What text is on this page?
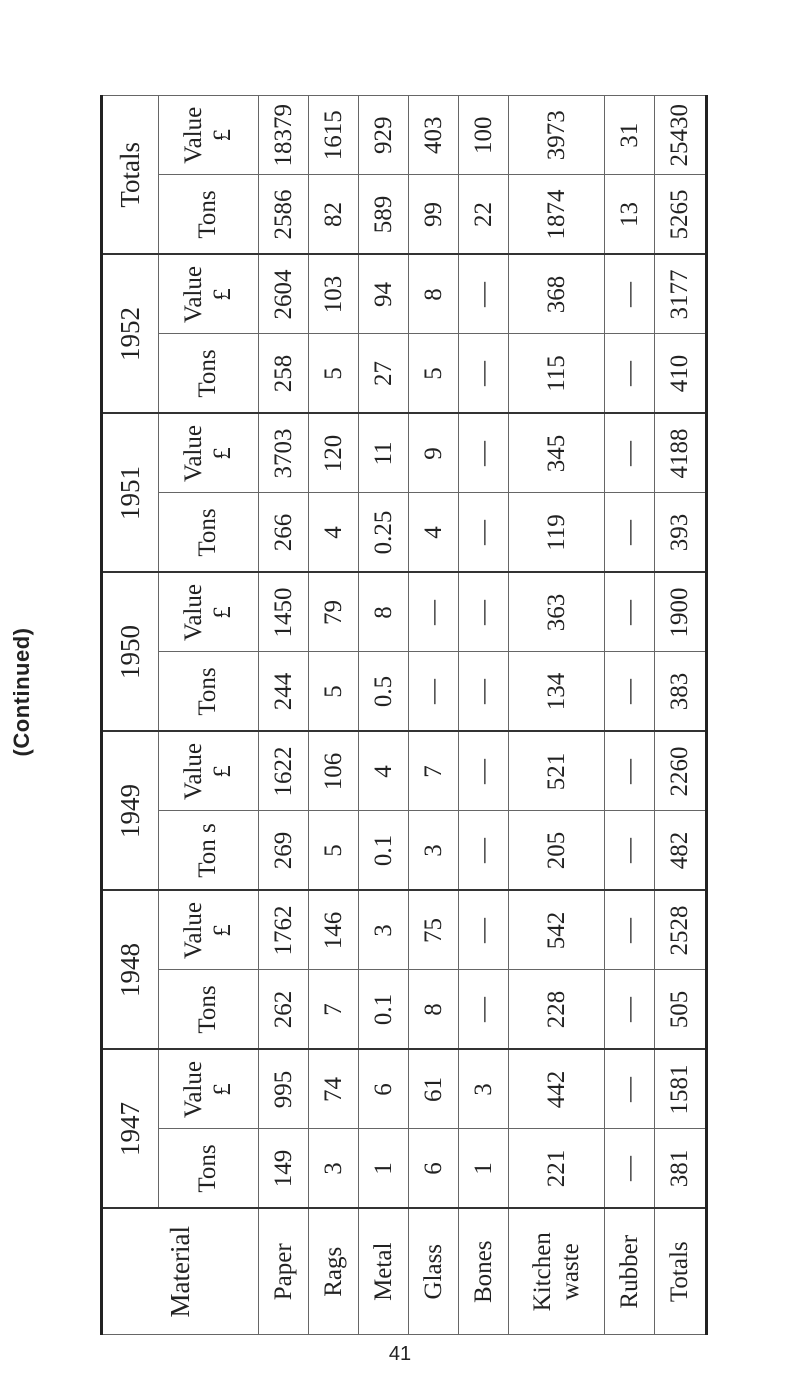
(Continued)
Material	1947		1948		1949		1950		1951		1952		Totals	
	Tons	Value £	Tons	Value £	Ton s	Value £	Tons	Value £	Tons	Value £	Tons	Value £	Tons	Value £

Paper	149	995	262	1762	269	1622	244	1450	266	3703	258	2604	2586	18379
Rags	3	74	7	146	5	106	5	79	4	120	5	103	82	1615
Metal	1	6	0.1	3	0.1	4	0.5	8	0.25	11	27	94	589	929
Glass	6	61	8	75	3	7	—	—	4	9	5	8	99	403
Bones	1	3	—	—	—	—	—	—	—	—	—	—	22	100
Kitchen waste	221	442	228	542	205	521	134	363	119	345	115	368	1874	3973
Rubber	—	—	—	—	—	—	—	—	—	—	—	—	13	31
Totals	381	1581	505	2528	482	2260	383	1900	393	4188	410	3177	5265	25430
41
